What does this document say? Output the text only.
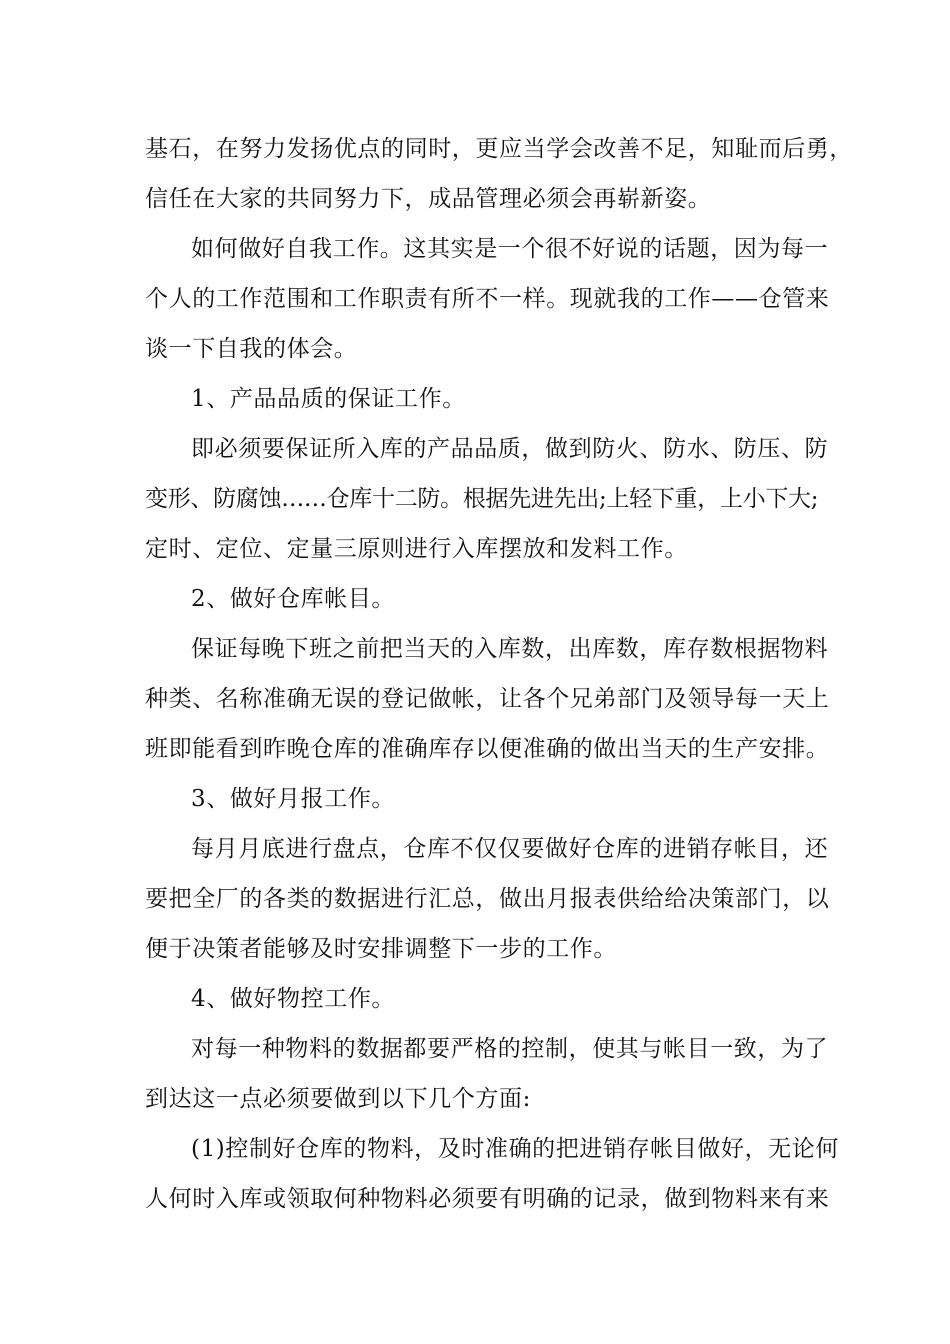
基石，在努力发扬优点的同时，更应当学会改善不足，知耻而后勇，
信任在大家的共同努力下，成品管理必须会再崭新姿。
如何做好自我工作。这其实是一个很不好说的话题，因为每一
个人的工作范围和工作职责有所不一样。现就我的工作——仓管来
谈一下自我的体会。
1、产品品质的保证工作。
即必须要保证所入库的产品品质，做到防火、防水、防压、防
变形、防腐蚀……仓库十二防。根据先进先出;上轻下重，上小下大;
定时、定位、定量三原则进行入库摆放和发料工作。
2、做好仓库帐目。
保证每晚下班之前把当天的入库数，出库数，库存数根据物料
种类、名称准确无误的登记做帐，让各个兄弟部门及领导每一天上
班即能看到昨晚仓库的准确库存以便准确的做出当天的生产安排。
3、做好月报工作。
每月月底进行盘点，仓库不仅仅要做好仓库的进销存帐目，还
要把全厂的各类的数据进行汇总，做出月报表供给给决策部门，以
便于决策者能够及时安排调整下一步的工作。
4、做好物控工作。
对每一种物料的数据都要严格的控制，使其与帐目一致，为了
到达这一点必须要做到以下几个方面:
(1)控制好仓库的物料，及时准确的把进销存帐目做好，无论何
人何时入库或领取何种物料必须要有明确的记录，做到物料来有来
